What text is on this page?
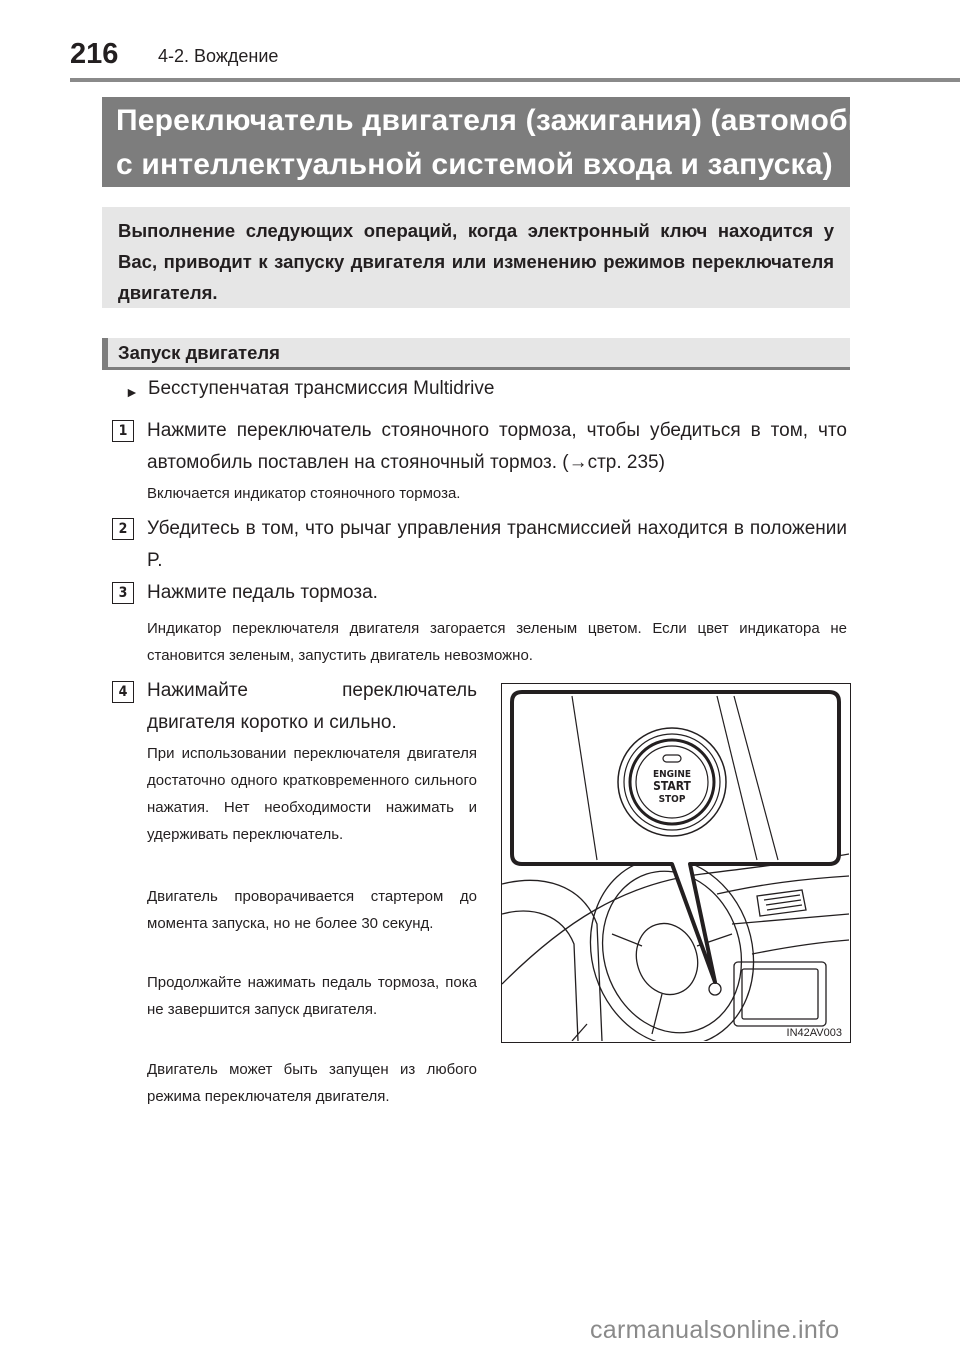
216 4-2. Вождение
Переключатель двигателя (зажигания) (автомобили
с интеллектуальной системой входа и запуска)
Выполнение следующих операций, когда электронный ключ находится у Вас, приводит к запуску двигателя или изменению режимов переключателя двигателя.
Запуск двигателя
► Бесступенчатая трансмиссия Multidrive
1	Нажмите переключатель стояночного тормоза, чтобы убедиться в том, что автомобиль поставлен на стояночный тормоз. (→стр. 235)
Включается индикатор стояночного тормоза.
2	Убедитесь в том, что рычаг управления трансмиссией находится в положении P.
3	Нажмите педаль тормоза.
Индикатор переключателя двигателя загорается зеленым цветом. Если цвет индикатора не становится зеленым, запустить двигатель невозможно.
4	Нажимайте переключатель двигателя коротко и сильно.
При использовании переключателя двигателя достаточно одного кратковременного сильного нажатия. Нет необходимости нажимать и удерживать переключатель.
Двигатель проворачивается стартером до момента запуска, но не более 30 секунд.
Продолжайте нажимать педаль тормоза, пока не завершится запуск двигателя.
Двигатель может быть запущен из любого режима переключателя двигателя.
ENGINE
START
STOP
IN42AV003
carmanualsonline.info
